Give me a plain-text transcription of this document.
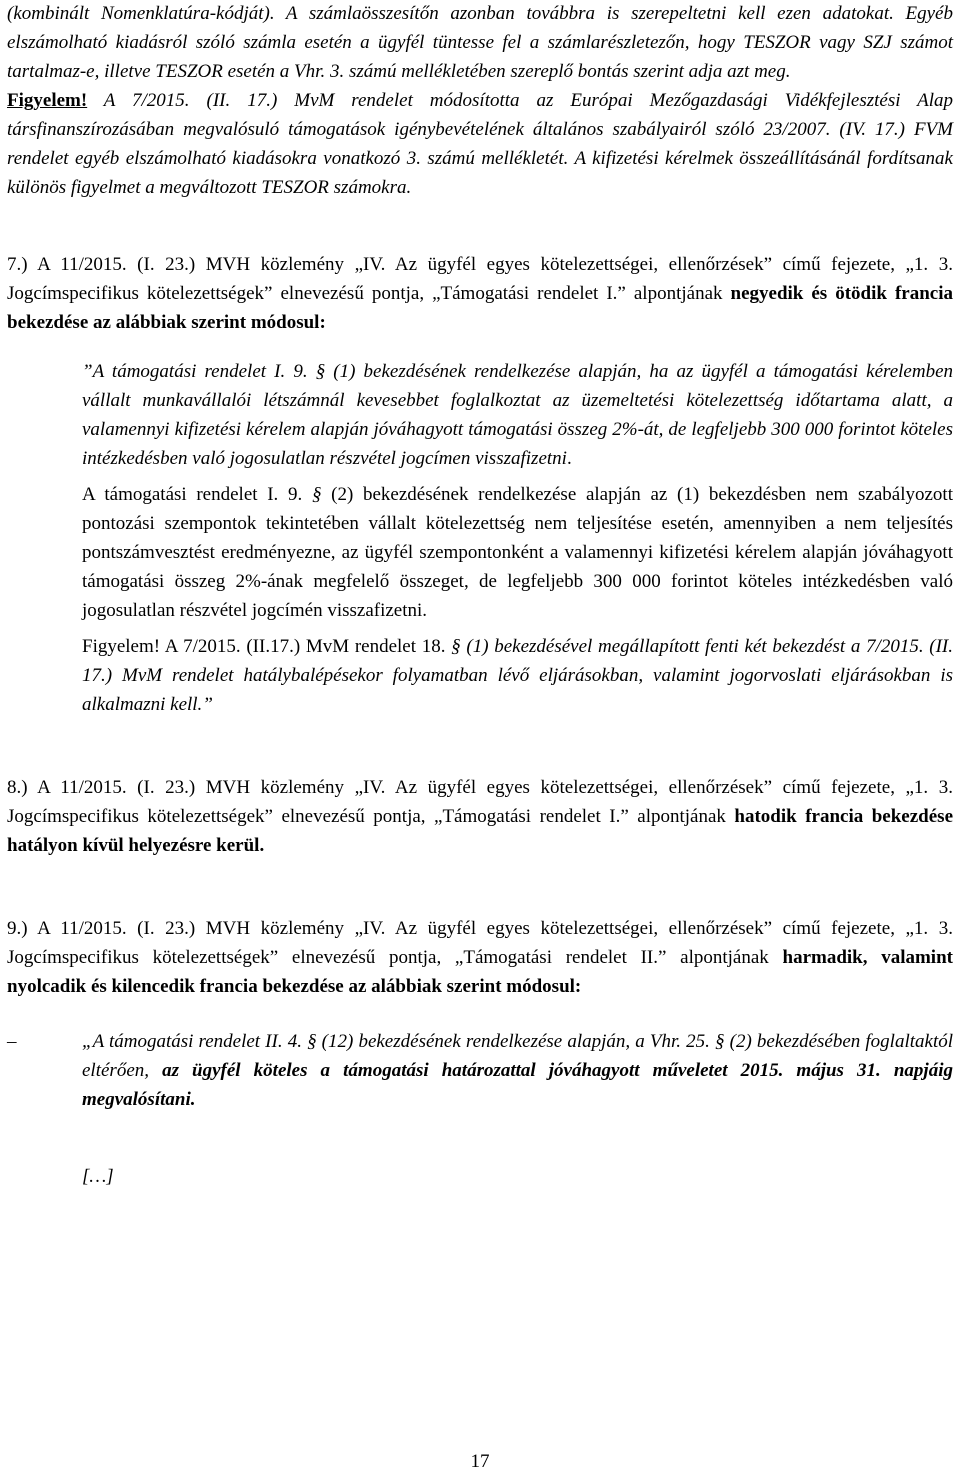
(kombinált Nomenklatúra-kódját). A számlaösszesítőn azonban továbbra is szerepeltetni kell ezen adatokat. Egyéb elszámolható kiadásról szóló számla esetén a ügyfél tüntesse fel a számlarészletezőn, hogy TESZOR vagy SZJ számot tartalmaz-e, illetve TESZOR esetén a Vhr. 3. számú mellékletében szereplő bontás szerint adja azt meg.

Figyelem! A 7/2015. (II. 17.) MvM rendelet módosította az Európai Mezőgazdasági Vidékfejlesztési Alap társfinanszírozásában megvalósuló támogatások igénybevételének általános szabályairól szóló 23/2007. (IV. 17.) FVM rendelet egyéb elszámolható kiadásokra vonatkozó 3. számú mellékletét. A kifizetési kérelmek összeállításánál fordítsanak különös figyelmet a megváltozott TESZOR számokra.

7.) A 11/2015. (I. 23.) MVH közlemény „IV. Az ügyfél egyes kötelezettségei, ellenőrzések” című fejezete, „1. 3. Jogcímspecifikus kötelezettségek” elnevezésű pontja, „Támogatási rendelet I.” alpontjának negyedik és ötödik francia bekezdése az alábbiak szerint módosul:

”A támogatási rendelet I. 9. § (1) bekezdésének rendelkezése alapján, ha az ügyfél a támogatási kérelemben vállalt munkavállalói létszámnál kevesebbet foglalkoztat az üzemeltetési kötelezettség időtartama alatt, a valamennyi kifizetési kérelem alapján jóváhagyott támogatási összeg 2%-át, de legfeljebb 300 000 forintot köteles intézkedésben való jogosulatlan részvétel jogcímen visszafizetni.

A támogatási rendelet I. 9. § (2) bekezdésének rendelkezése alapján az (1) bekezdésben nem szabályozott pontozási szempontok tekintetében vállalt kötelezettség nem teljesítése esetén, amennyiben a nem teljesítés pontszámvesztést eredményezne, az ügyfél szempontonként a valamennyi kifizetési kérelem alapján jóváhagyott támogatási összeg 2%-ának megfelelő összeget, de legfeljebb 300 000 forintot köteles intézkedésben való jogosulatlan részvétel jogcímén visszafizetni.

Figyelem! A 7/2015. (II.17.) MvM rendelet 18. § (1) bekezdésével megállapított fenti két bekezdést a 7/2015. (II. 17.) MvM rendelet hatálybalépésekor folyamatban lévő eljárásokban, valamint jogorvoslati eljárásokban is alkalmazni kell.”

8.) A 11/2015. (I. 23.) MVH közlemény „IV. Az ügyfél egyes kötelezettségei, ellenőrzések” című fejezete, „1. 3. Jogcímspecifikus kötelezettségek” elnevezésű pontja, „Támogatási rendelet I.” alpontjának hatodik francia bekezdése hatályon kívül helyezésre kerül.

9.) A 11/2015. (I. 23.) MVH közlemény „IV. Az ügyfél egyes kötelezettségei, ellenőrzések” című fejezete, „1. 3. Jogcímspecifikus kötelezettségek” elnevezésű pontja, „Támogatási rendelet II.” alpontjának harmadik, valamint nyolcadik és kilencedik francia bekezdése az alábbiak szerint módosul:

–	„A támogatási rendelet II. 4. § (12) bekezdésének rendelkezése alapján, a Vhr. 25. § (2) bekezdésében foglaltaktól eltérően, az ügyfél köteles a támogatási határozattal jóváhagyott műveletet 2015. május 31. napjáig megvalósítani.

[…]

17
